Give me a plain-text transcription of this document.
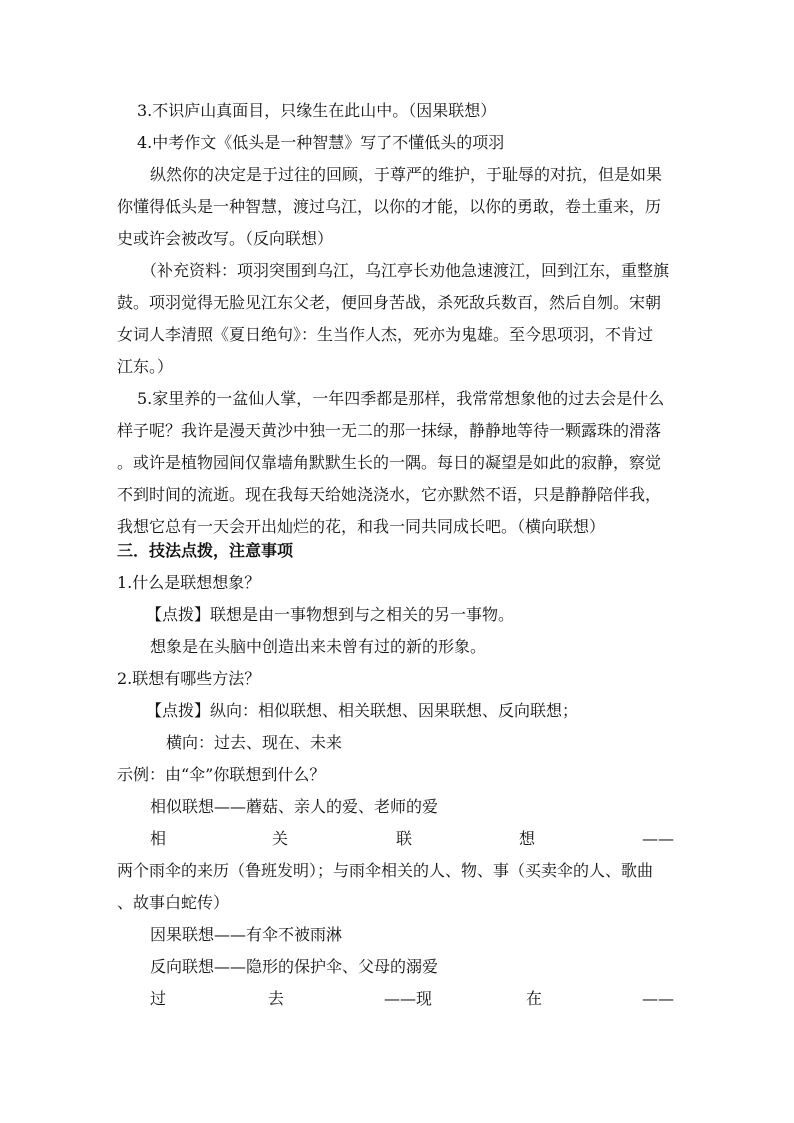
3.不识庐山真面目，只缘生在此山中。（因果联想）
4.中考作文《低头是一种智慧》写了不懂低头的项羽
纵然你的决定是于过往的回顾，于尊严的维护，于耻辱的对抗，但是如果
你懂得低头是一种智慧，渡过乌江，以你的才能，以你的勇敢，卷土重来，历
史或许会被改写。（反向联想）
（补充资料：项羽突围到乌江，乌江亭长劝他急速渡江，回到江东，重整旗
鼓。项羽觉得无脸见江东父老，便回身苦战，杀死敌兵数百，然后自刎。宋朝
女词人李清照《夏日绝句》：生当作人杰，死亦为鬼雄。至今思项羽，不肯过
江东。）
5.家里养的一盆仙人掌，一年四季都是那样，我常常想象他的过去会是什么
样子呢？我许是漫天黄沙中独一无二的那一抹绿，静静地等待一颗露珠的滑落
。或许是植物园间仅靠墙角默默生长的一隅。每日的凝望是如此的寂静，察觉
不到时间的流逝。现在我每天给她浇浇水，它亦默然不语，只是静静陪伴我，
我想它总有一天会开出灿烂的花，和我一同共同成长吧。（横向联想）
三．技法点拨，注意事项
1.什么是联想想象？
【点拨】联想是由一事物想到与之相关的另一事物。
想象是在头脑中创造出来未曾有过的新的形象。
2.联想有哪些方法？
【点拨】纵向：相似联想、相关联想、因果联想、反向联想；
横向：过去、现在、未来
示例：由“伞”你联想到什么？
相似联想——蘑菇、亲人的爱、老师的爱
相	关	联	想	——
两个雨伞的来历（鲁班发明）；与雨伞相关的人、物、事（买卖伞的人、歌曲
、故事白蛇传）
因果联想——有伞不被雨淋
反向联想——隐形的保护伞、父母的溺爱
过	去	——现	在	——
